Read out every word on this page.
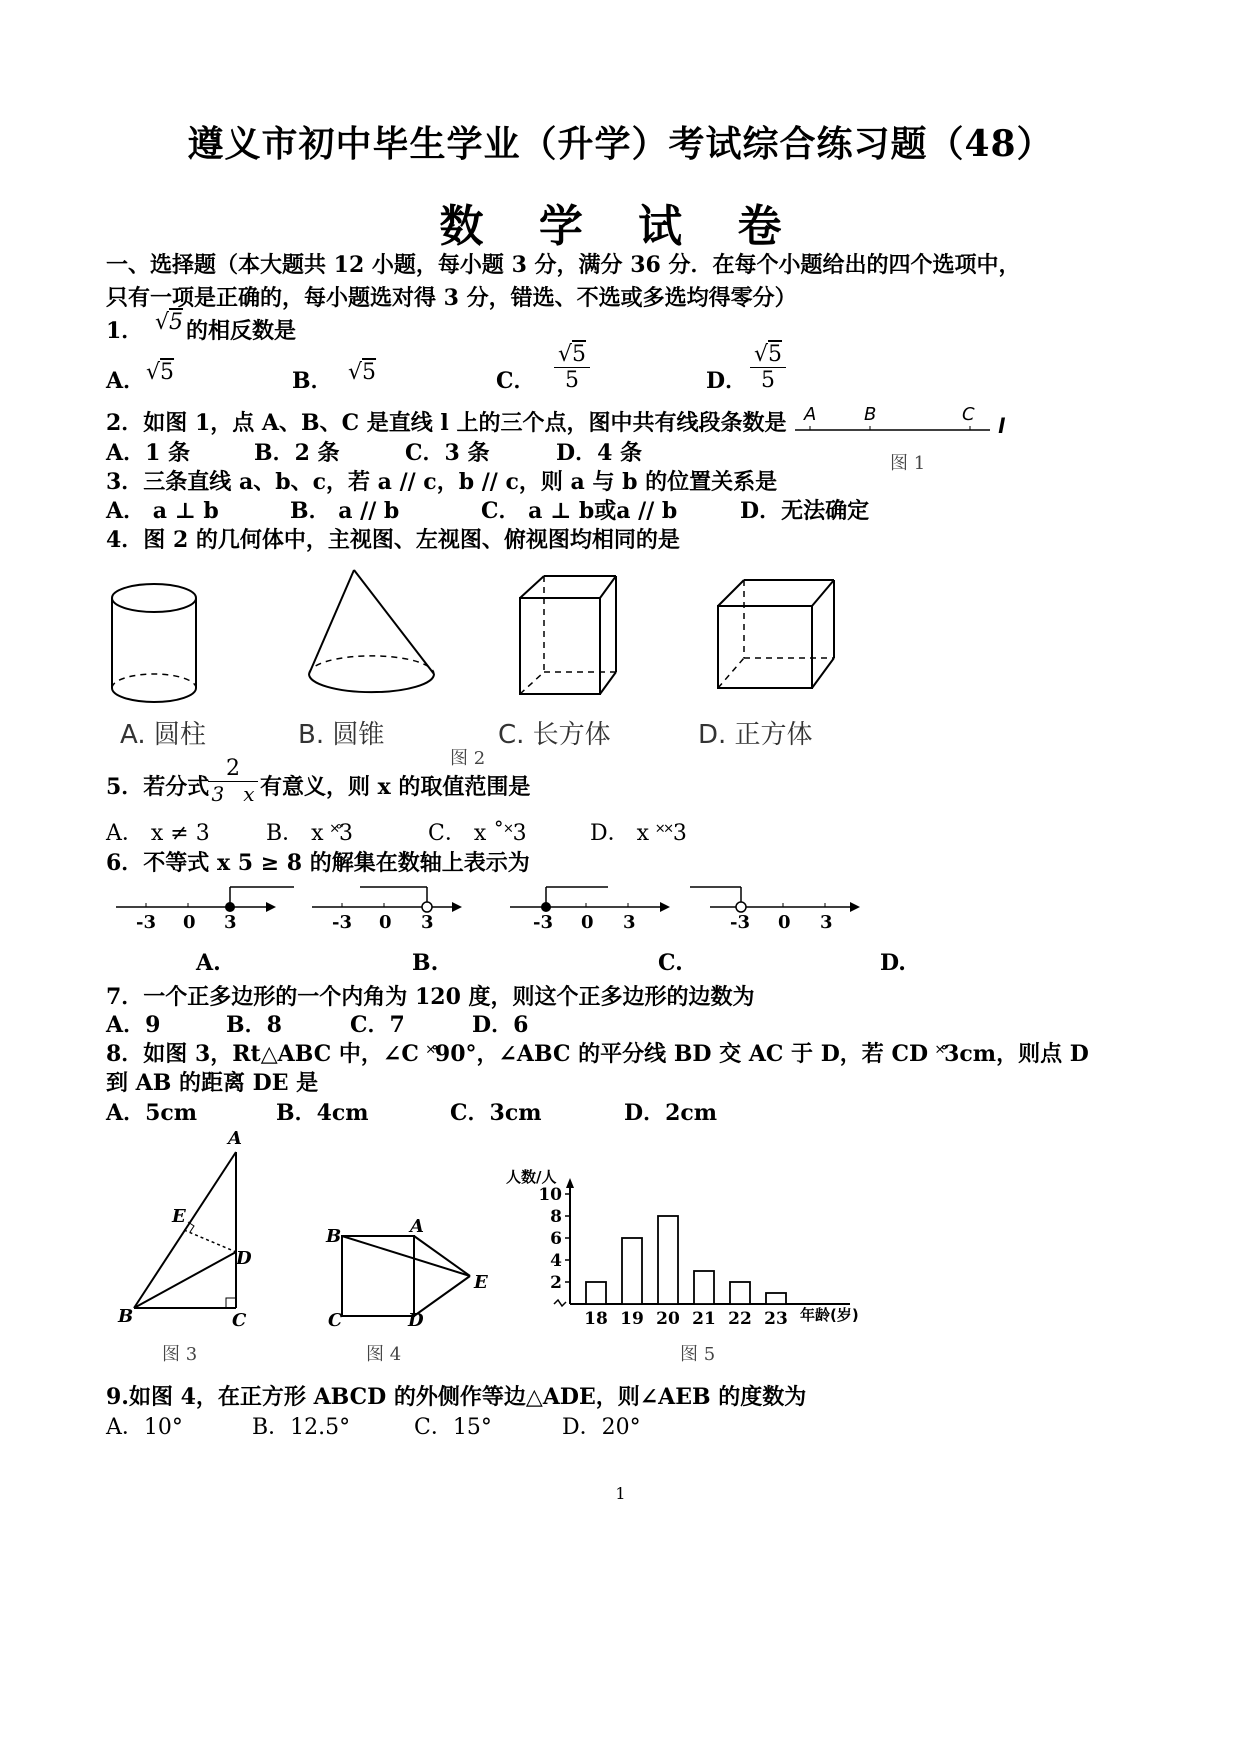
遵义市初中毕生学业（升学）考试综合练习题（48）
数 学 试 卷
一、选择题（本大题共 12 小题，每小题 3 分，满分 36 分．在每个小题给出的四个选项中，
只有一项是正确的，每小题选对得 3 分，错选、不选或多选均得零分）
1． √5 的相反数是
A． √5	B． √5	C． $\frac{√5}{5}$	D． $\frac{√5}{5}$
2．如图 1，点 A、B、C 是直线 l 上的三个点，图中共有线段条数是
A．1 条	B．2 条	C．3 条	D．4 条
A	B	C l
图 1
3．三条直线 a、b、c，若 a // c，b // c，则 a 与 b 的位置关系是
A． a ⊥ b	B． a // b	C． a ⊥ b或a // b	D．无法确定
4．图 2 的几何体中，主视图、左视图、俯视图均相同的是
A. 圆柱	B. 圆锥	C. 长方体	D. 正方体
图 2
5．若分式
$\frac{2}{3 x}$ 有意义，则 x 的取值范围是
A． x ≠ 3	B． x ˟̊3	C． x ˚˟3	D． x ˟˟3
6．不等式 x 5 ≥ 8 的解集在数轴上表示为
-3 0 3	-3 0 3	-3 0 3	-3 0 3
A.	B.	C.	D.
7．一个正多边形的一个内角为 120 度，则这个正多边形的边数为
A．9	B．8	C．7	D．6
8．如图 3，Rt△ABC 中，∠C ˟̊90°，∠ABC 的平分线 BD 交 AC 于 D，若 CD ˟̊3cm，则点 D
到 AB 的距离 DE 是
A．5cm	B．4cm	C．3cm	D．2cm
A
E
D
B	C
图 3
B	A
E
C	D
图 4
2
4
6
8
10
18 19 20 21 22 23
人数/人
年龄(岁)
图 5
9.如图 4，在正方形 ABCD 的外侧作等边△ADE，则∠AEB 的度数为
A．10°	B．12.5°	C．15°	D．20°
1
